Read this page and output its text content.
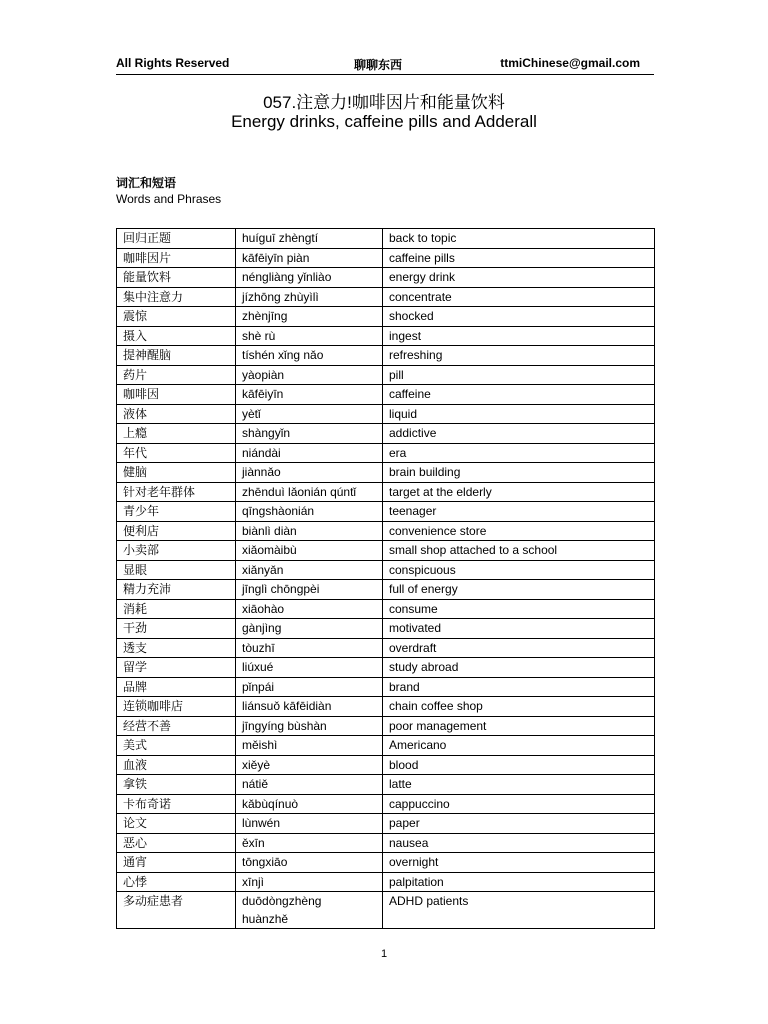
All Rights Reserved	聊聊东西	ttmiChinese@gmail.com
057.注意力!咖啡因片和能量饮料
Energy drinks, caffeine pills and Adderall
词汇和短语
Words and Phrases
回归正题	huíguī zhèngtí	back to topic
咖啡因片	kāfēiyīn piàn	caffeine pills
能量饮料	néngliàng yǐnliào	energy drink
集中注意力	jízhōng zhùyìlì	concentrate
震惊	zhènjīng	shocked
摄入	shè rù	ingest
提神醒脑	tíshén xǐng nǎo	refreshing
药片	yàopiàn	pill
咖啡因	kāfēiyīn	caffeine
液体	yètǐ	liquid
上瘾	shàngyǐn	addictive
年代	niándài	era
健脑	jiànnǎo	brain building
针对老年群体	zhēnduì lǎonián qúntǐ	target at the elderly
青少年	qīngshàonián	teenager
便利店	biànlì diàn	convenience store
小卖部	xiǎomàibù	small shop attached to a school
显眼	xiǎnyǎn	conspicuous
精力充沛	jīnglì chōngpèi	full of energy
消耗	xiāohào	consume
干劲	gànjìng	motivated
透支	tòuzhī	overdraft
留学	liúxué	study abroad
品牌	pǐnpái	brand
连锁咖啡店	liánsuǒ kāfēidiàn	chain coffee shop
经营不善	jīngyíng bùshàn	poor management
美式	měishì	Americano
血液	xiěyè	blood
拿铁	nátiě	latte
卡布奇诺	kǎbùqínuò	cappuccino
论文	lùnwén	paper
恶心	ěxīn	nausea
通宵	tōngxiāo	overnight
心悸	xīnjì	palpitation
多动症患者	duōdòngzhèng huànzhě	ADHD patients
1
